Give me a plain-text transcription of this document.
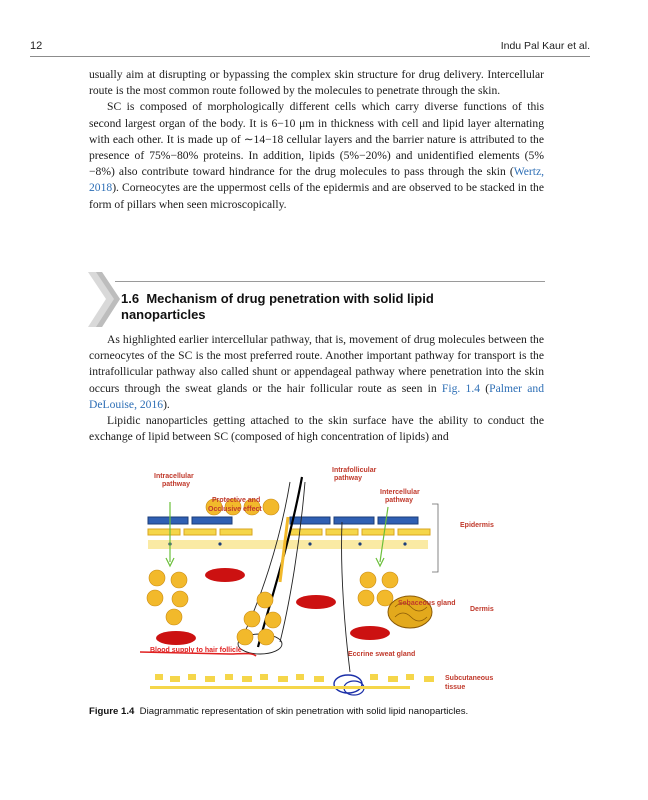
12	Indu Pal Kaur et al.

usually aim at disrupting or bypassing the complex skin structure for drug delivery. Intercellular route is the most common route followed by the molecules to penetrate through the skin.

SC is composed of morphologically different cells which carry diverse functions of this second largest organ of the body. It is 6−10 μm in thickness with cell and lipid layer alternating with each other. It is made up of ∼14−18 cellular layers and the barrier nature is attributed to the presence of 75%−80% proteins. In addition, lipids (5%−20%) and unidentified elements (5%−8%) also contribute toward hindrance for the drug molecules to pass through the skin (Wertz, 2018). Corneocytes are the uppermost cells of the epidermis and are observed to be stacked in the form of pillars when seen microscopically.

1.6 Mechanism of drug penetration with solid lipid nanoparticles

As highlighted earlier intercellular pathway, that is, movement of drug molecules between the corneocytes of the SC is the most preferred route. Another important pathway for transport is the intrafollicular pathway also called shunt or appendageal pathway where penetration into the skin occurs through the sweat glands or the hair follicular route as seen in Fig. 1.4 (Palmer and DeLouise, 2016).

Lipidic nanoparticles getting attached to the skin surface have the ability to conduct the exchange of lipid between SC (composed of high concentration of lipids) and

Intracellular
pathway
Intrafollicular
pathway
Intercellular
pathway
Protective and
Occlusive effect
Epidermis
Dermis
Sebaceous gland
Eccrine sweat gland
Blood supply to hair follicle
Subcutaneous
tissue
Figure 1.4 Diagrammatic representation of skin penetration with solid lipid nanoparticles.
